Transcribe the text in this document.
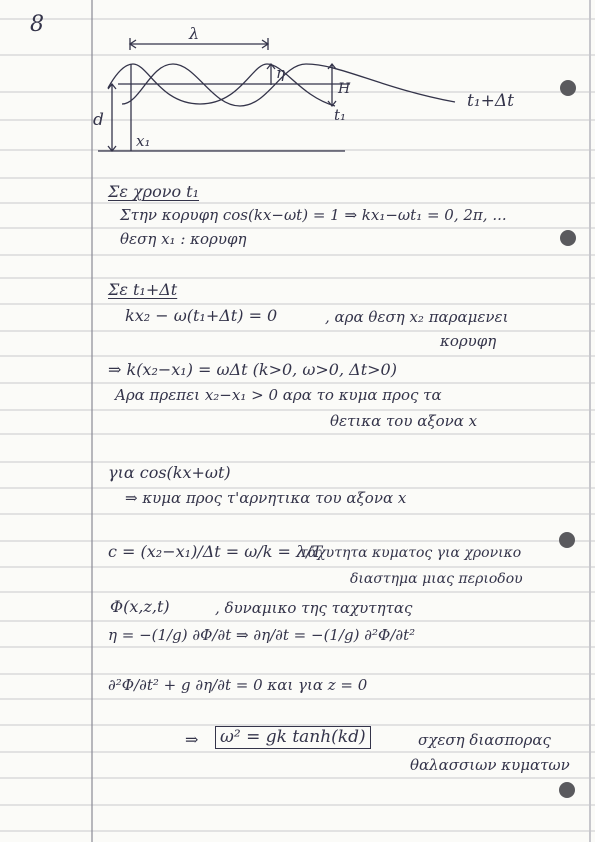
8	λ
η
H
d
x₁
t₁
t₁+Δt
Σε χρονο t₁
Στην κορυφη cos(kx−ωt) = 1 ⇒ kx₁−ωt₁ = 0, 2π, ...
θεση x₁ : κορυφη
Σε t₁+Δt
kx₂ − ω(t₁+Δt) = 0	, αρα θεση x₂ παραμενει
κορυφη
⇒ k(x₂−x₁) = ωΔt (k>0, ω>0, Δt>0)
Αρα πρεπει x₂−x₁ > 0 αρα το κυμα προς τα
θετικα του αξονα x
για cos(kx+ωt)
⇒ κυμα προς τ'αρνητικα του αξονα x
c = (x₂−x₁)/Δt = ω/k = λ/T
ταχυτητα κυματος για χρονικο
διαστημα μιας περιοδου
Φ(x,z,t)	, δυναμικο της ταχυτητας
η = −(1/g) ∂Φ/∂t ⇒ ∂η/∂t = −(1/g) ∂²Φ/∂t²
∂²Φ/∂t² + g ∂η/∂t = 0 και για z = 0
⇒ ω² = gk tanh(kd)	σχεση διασπορας
θαλασσιων κυματων
